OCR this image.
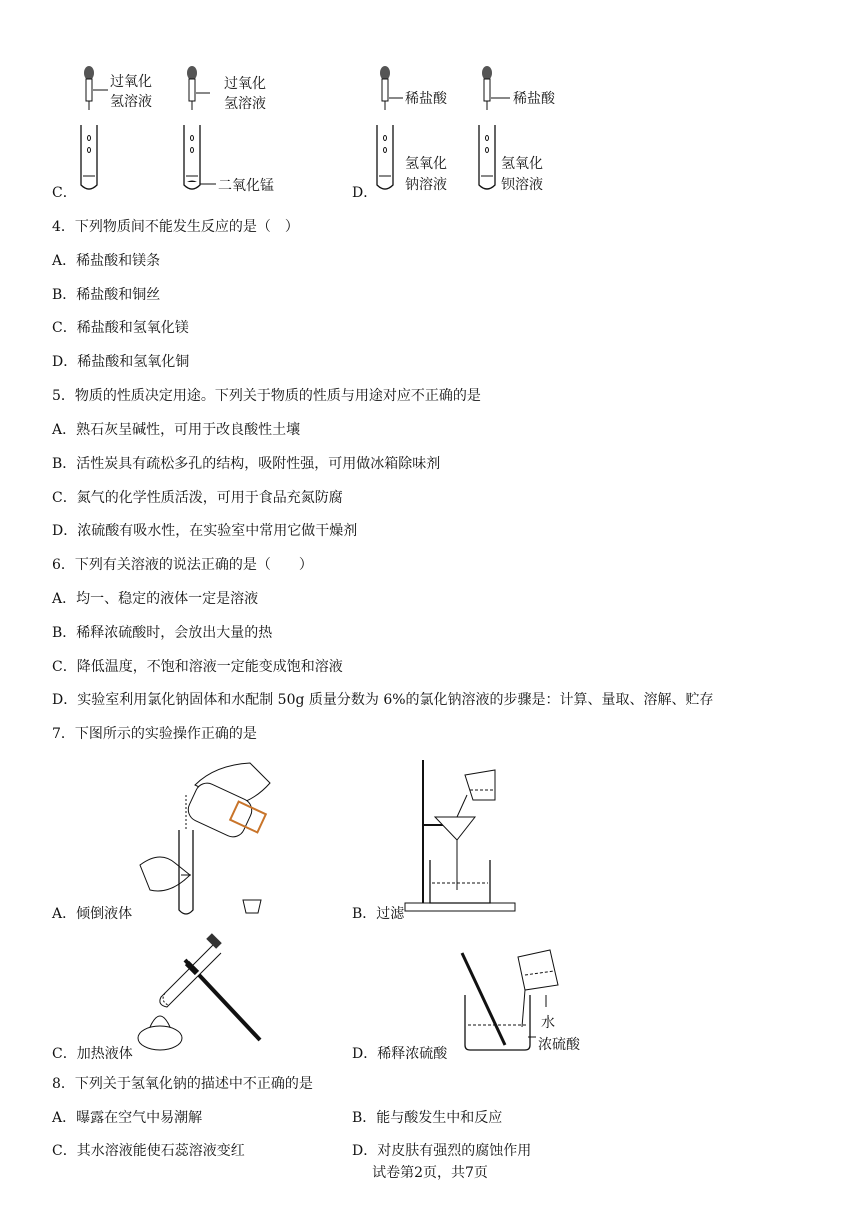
过氧化
氢溶液
过氧化
氢溶液
二氧化锰
C．
稀盐酸
氢氧化
钠溶液
稀盐酸
氢氧化
钡溶液
D．
4．下列物质间不能发生反应的是（　）
A．稀盐酸和镁条
B．稀盐酸和铜丝
C．稀盐酸和氢氧化镁
D．稀盐酸和氢氧化铜
5．物质的性质决定用途。下列关于物质的性质与用途对应不正确的是
A．熟石灰呈碱性，可用于改良酸性土壤
B．活性炭具有疏松多孔的结构，吸附性强，可用做冰箱除味剂
C．氮气的化学性质活泼，可用于食品充氮防腐
D．浓硫酸有吸水性，在实验室中常用它做干燥剂
6．下列有关溶液的说法正确的是（　　）
A．均一、稳定的液体一定是溶液
B．稀释浓硫酸时，会放出大量的热
C．降低温度，不饱和溶液一定能变成饱和溶液
D．实验室利用氯化钠固体和水配制 50g 质量分数为 6%的氯化钠溶液的步骤是：计算、量取、溶解、贮存
7．下图所示的实验操作正确的是
A．倾倒液体	B．过滤
C．加热液体
水
浓硫酸
D．稀释浓硫酸
8．下列关于氢氧化钠的描述中不正确的是
A．曝露在空气中易潮解	B．能与酸发生中和反应
C．其水溶液能使石蕊溶液变红	D．对皮肤有强烈的腐蚀作用
试卷第2页，共7页
